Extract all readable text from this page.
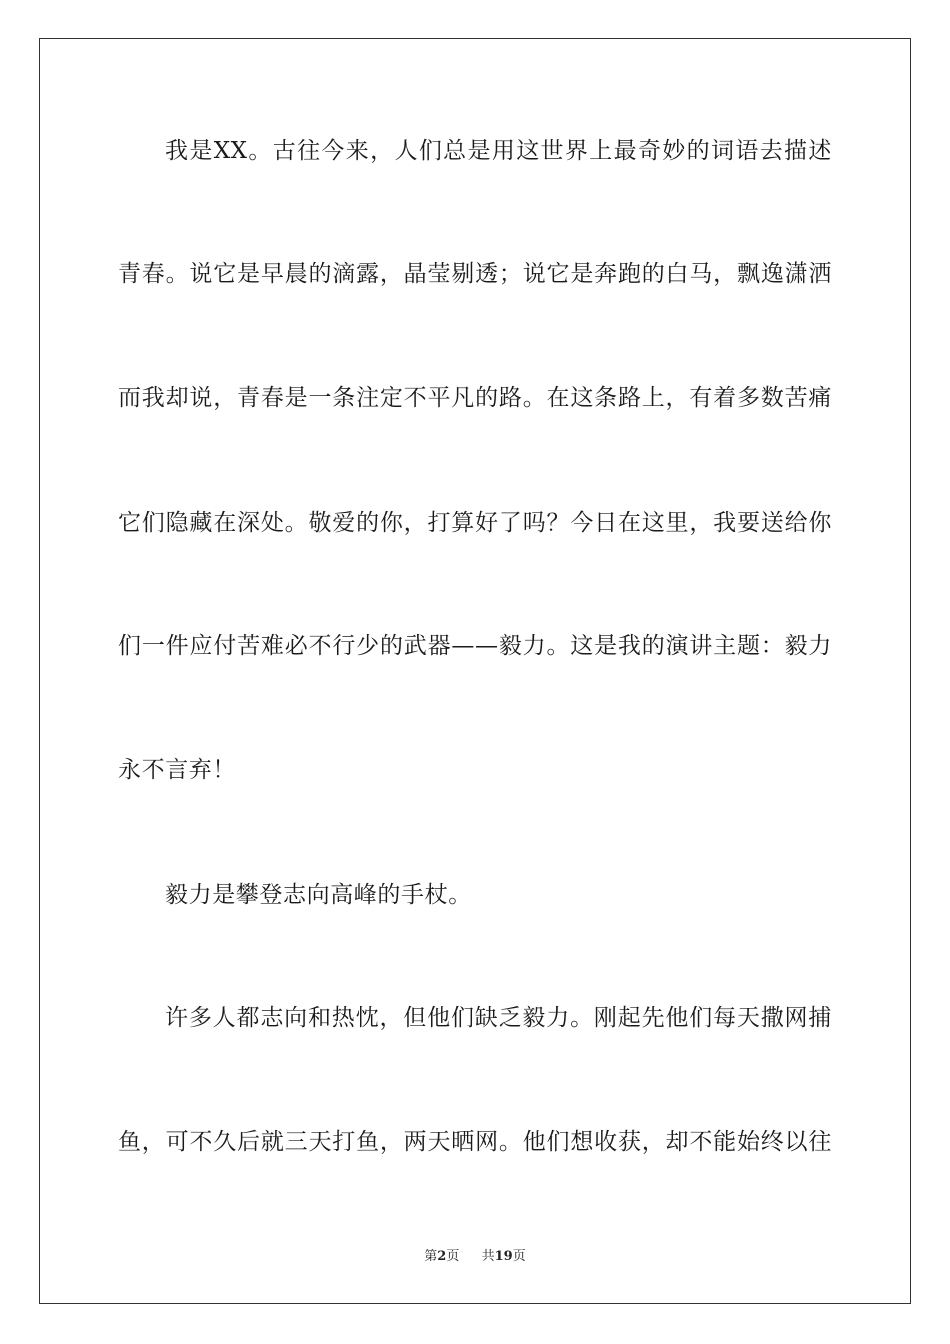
我是XX。古往今来，人们总是用这世界上最奇妙的词语去描述
青春。说它是早晨的滴露，晶莹剔透；说它是奔跑的白马，飘逸潇洒
而我却说，青春是一条注定不平凡的路。在这条路上，有着多数苦痛
它们隐藏在深处。敬爱的你，打算好了吗？今日在这里，我要送给你
们一件应付苦难必不行少的武器——毅力。这是我的演讲主题：毅力
永不言弃！
毅力是攀登志向高峰的手杖。
许多人都志向和热忱，但他们缺乏毅力。刚起先他们每天撒网捕
鱼，可不久后就三天打鱼，两天晒网。他们想收获，却不能始终以往
第2页 共19页
